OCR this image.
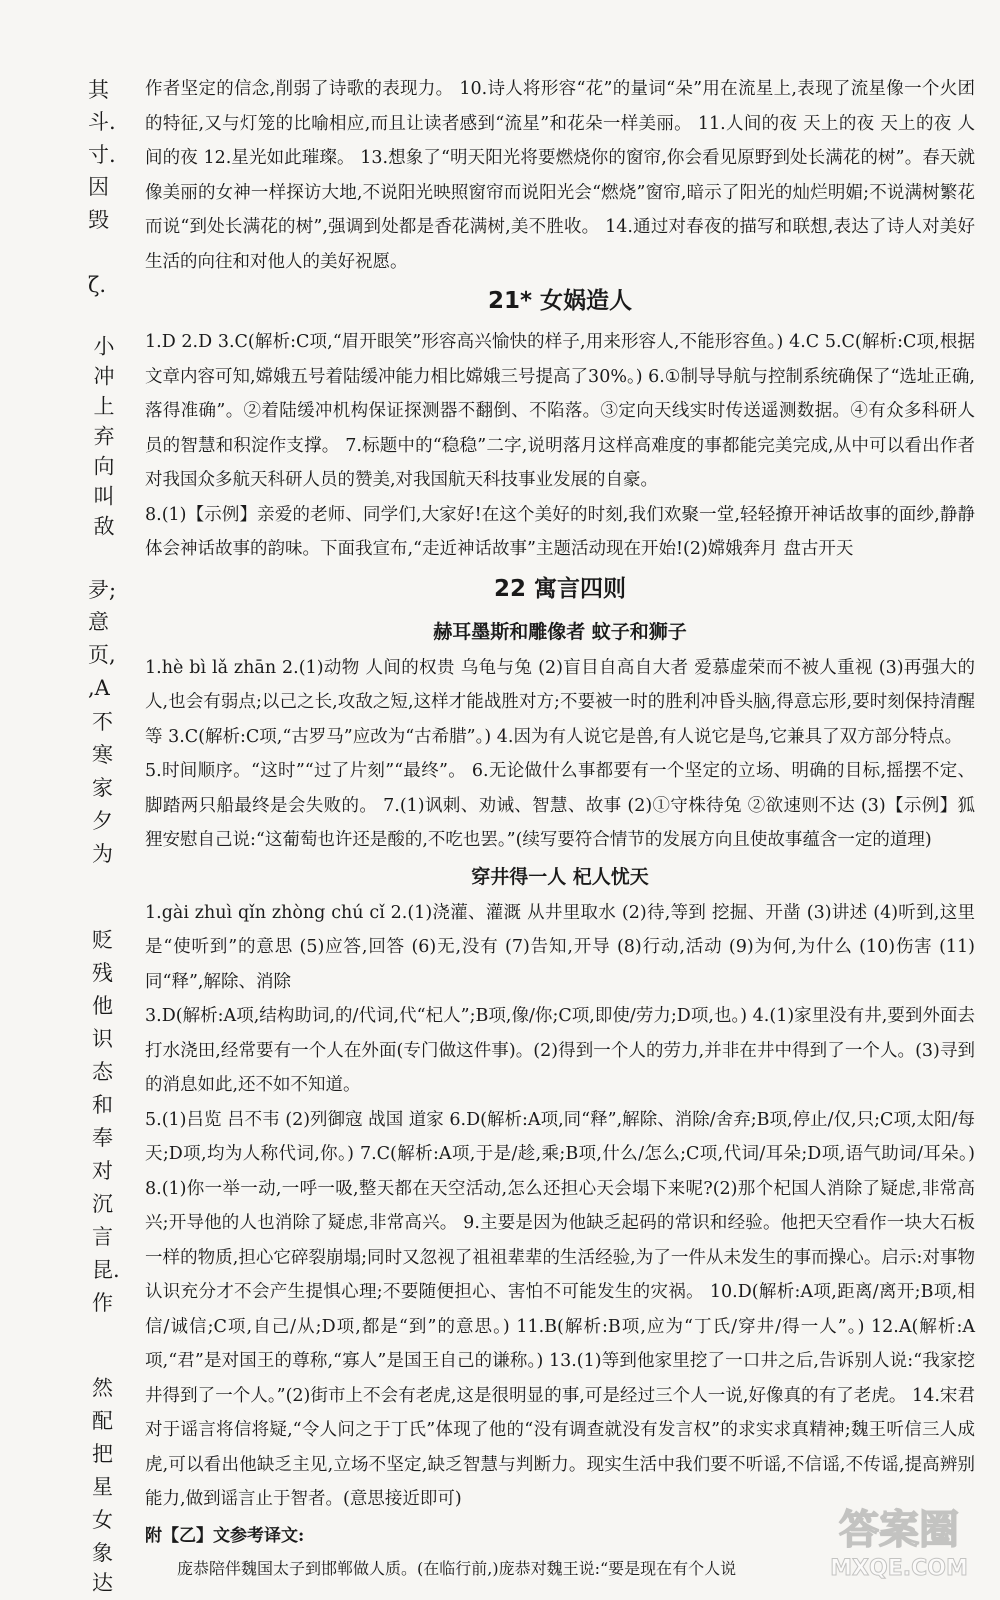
其
斗.
寸.
因
毁
ζ.
小冲上弃向叫敌
夛;
意
页,
,A
不
寒
家
夕
为
贬
残
他
识
态
和
奉
对
沉
言
昆.
作
然
配
把
星
女
象
达

作者坚定的信念,削弱了诗歌的表现力。 10.诗人将形容“花”的量词“朵”用在流星上,表现了流星像一个火团的特征,又与灯笼的比喻相应,而且让读者感到“流星”和花朵一样美丽。 11.人间的夜 天上的夜 天上的夜 人间的夜 12.星光如此璀璨。 13.想象了“明天阳光将要燃烧你的窗帘,你会看见原野到处长满花的树”。春天就像美丽的女神一样探访大地,不说阳光映照窗帘而说阳光会“燃烧”窗帘,暗示了阳光的灿烂明媚;不说满树繁花而说“到处长满花的树”,强调到处都是香花满树,美不胜收。 14.通过对春夜的描写和联想,表达了诗人对美好生活的向往和对他人的美好祝愿。

21* 女娲造人

1.D 2.D 3.C(解析:C项,“眉开眼笑”形容高兴愉快的样子,用来形容人,不能形容鱼。) 4.C 5.C(解析:C项,根据文章内容可知,嫦娥五号着陆缓冲能力相比嫦娥三号提高了30%。) 6.①制导导航与控制系统确保了“选址正确,落得准确”。②着陆缓冲机构保证探测器不翻倒、不陷落。③定向天线实时传送遥测数据。④有众多科研人员的智慧和积淀作支撑。 7.标题中的“稳稳”二字,说明落月这样高难度的事都能完美完成,从中可以看出作者对我国众多航天科研人员的赞美,对我国航天科技事业发展的自豪。

8.(1)【示例】亲爱的老师、同学们,大家好!在这个美好的时刻,我们欢聚一堂,轻轻撩开神话故事的面纱,静静体会神话故事的韵味。下面我宣布,“走近神话故事”主题活动现在开始!(2)嫦娥奔月 盘古开天

22 寓言四则
赫耳墨斯和雕像者 蚊子和狮子

1.hè bì lǎ zhān 2.(1)动物 人间的权贵 乌龟与兔 (2)盲目自高自大者 爱慕虚荣而不被人重视 (3)再强大的人,也会有弱点;以己之长,攻敌之短,这样才能战胜对方;不要被一时的胜利冲昏头脑,得意忘形,要时刻保持清醒等 3.C(解析:C项,“古罗马”应改为“古希腊”。) 4.因为有人说它是兽,有人说它是鸟,它兼具了双方部分特点。

5.时间顺序。“这时”“过了片刻”“最终”。 6.无论做什么事都要有一个坚定的立场、明确的目标,摇摆不定、脚踏两只船最终是会失败的。 7.(1)讽刺、劝诫、智慧、故事 (2)①守株待兔 ②欲速则不达 (3)【示例】狐狸安慰自己说:“这葡萄也许还是酸的,不吃也罢。”(续写要符合情节的发展方向且使故事蕴含一定的道理)

穿井得一人 杞人忧天

1.gài zhuì qǐn zhòng chú cǐ 2.(1)浇灌、灌溉 从井里取水 (2)待,等到 挖掘、开凿 (3)讲述 (4)听到,这里是“使听到”的意思 (5)应答,回答 (6)无,没有 (7)告知,开导 (8)行动,活动 (9)为何,为什么 (10)伤害 (11)同“释”,解除、消除

3.D(解析:A项,结构助词,的/代词,代“杞人”;B项,像/你;C项,即使/劳力;D项,也。) 4.(1)家里没有井,要到外面去打水浇田,经常要有一个人在外面(专门做这件事)。(2)得到一个人的劳力,并非在井中得到了一个人。(3)寻到的消息如此,还不如不知道。

5.(1)吕览 吕不韦 (2)列御寇 战国 道家 6.D(解析:A项,同“释”,解除、消除/舍弃;B项,停止/仅,只;C项,太阳/每天;D项,均为人称代词,你。) 7.C(解析:A项,于是/趁,乘;B项,什么/怎么;C项,代词/耳朵;D项,语气助词/耳朵。) 8.(1)你一举一动,一呼一吸,整天都在天空活动,怎么还担心天会塌下来呢?(2)那个杞国人消除了疑虑,非常高兴;开导他的人也消除了疑虑,非常高兴。 9.主要是因为他缺乏起码的常识和经验。他把天空看作一块大石板一样的物质,担心它碎裂崩塌;同时又忽视了祖祖辈辈的生活经验,为了一件从未发生的事而操心。启示:对事物认识充分才不会产生提惧心理;不要随便担心、害怕不可能发生的灾祸。 10.D(解析:A项,距离/离开;B项,相信/诚信;C项,自己/从;D项,都是“到”的意思。) 11.B(解析:B项,应为“丁氏/穿井/得一人”。) 12.A(解析:A项,“君”是对国王的尊称,“寡人”是国王自己的谦称。) 13.(1)等到他家里挖了一口井之后,告诉别人说:“我家挖井得到了一个人。”(2)街市上不会有老虎,这是很明显的事,可是经过三个人一说,好像真的有了老虎。 14.宋君对于谣言将信将疑,“令人问之于丁氏”体现了他的“没有调查就没有发言权”的求实求真精神;魏王听信三人成虎,可以看出他缺乏主见,立场不坚定,缺乏智慧与判断力。现实生活中我们要不听谣,不信谣,不传谣,提高辨别能力,做到谣言止于智者。(意思接近即可)

附【乙】文参考译文:

庞恭陪伴魏国太子到邯郸做人质。(在临行前,)庞恭对魏王说:“要是现在有个人说

答案圈
MXQE.COM
